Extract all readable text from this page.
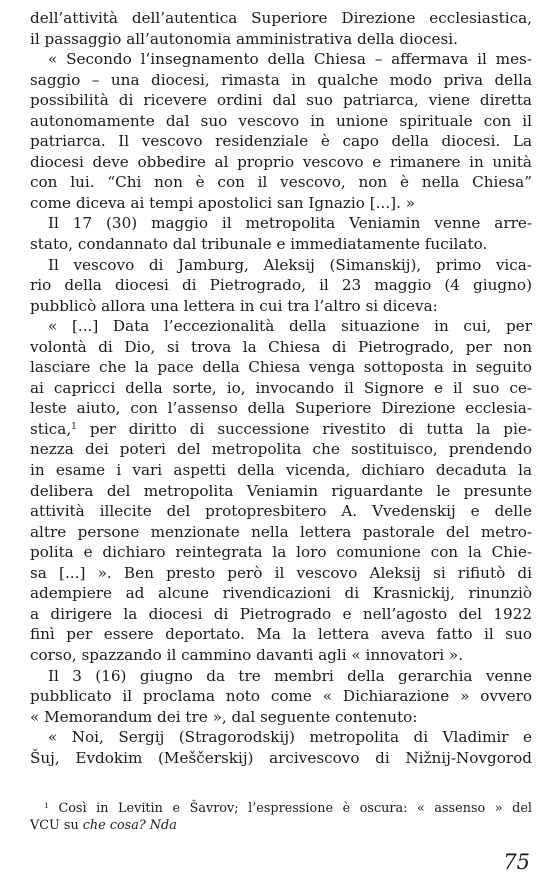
dell’attività dell’autentica Superiore Direzione ecclesiastica,
il passaggio all’autonomia amministrativa della diocesi.
« Secondo l’insegnamento della Chiesa – affermava il mes-
saggio – una diocesi, rimasta in qualche modo priva della
possibilità di ricevere ordini dal suo patriarca, viene diretta
autonomamente dal suo vescovo in unione spirituale con il
patriarca. Il vescovo residenziale è capo della diocesi. La
diocesi deve obbedire al proprio vescovo e rimanere in unità
con lui. “Chi non è con il vescovo, non è nella Chiesa”
come diceva ai tempi apostolici san Ignazio [...]. »
Il 17 (30) maggio il metropolita Veniamin venne arre-
stato, condannato dal tribunale e immediatamente fucilato.
Il vescovo di Jamburg, Aleksij (Simanskij), primo vica-
rio della diocesi di Pietrogrado, il 23 maggio (4 giugno)
pubblicò allora una lettera in cui tra l’altro si diceva:
« [...] Data l’eccezionalità della situazione in cui, per
volontà di Dio, si trova la Chiesa di Pietrogrado, per non
lasciare che la pace della Chiesa venga sottoposta in seguito
ai capricci della sorte, io, invocando il Signore e il suo ce-
leste aiuto, con l’assenso della Superiore Direzione ecclesia-
stica,$^1$ per diritto di successione rivestito di tutta la pie-
nezza dei poteri del metropolita che sostituisco, prendendo
in esame i vari aspetti della vicenda, dichiaro decaduta la
delibera del metropolita Veniamin riguardante le presunte
attività illecite del protopresbitero A. Vvedenskij e delle
altre persone menzionate nella lettera pastorale del metro-
polita e dichiaro reintegrata la loro comunione con la Chie-
sa [...] ». Ben presto però il vescovo Aleksij si rifiutò di
adempiere ad alcune rivendicazioni di Krasnickij, rinunziò
a dirigere la diocesi di Pietrogrado e nell’agosto del 1922
finì per essere deportato. Ma la lettera aveva fatto il suo
corso, spazzando il cammino davanti agli « innovatori ».
Il 3 (16) giugno da tre membri della gerarchia venne
pubblicato il proclama noto come « Dichiarazione » ovvero
« Memorandum dei tre », dal seguente contenuto:
« Noi, Sergij (Stragorodskij) metropolita di Vladimir e
Šuj, Evdokim (Meščerskij) arcivescovo di Nižnij-Novgorod
$^1$ Così in Levitin e Šavrov; l’espressione è oscura: « assenso » del
VCU su che cosa? Nda
75
